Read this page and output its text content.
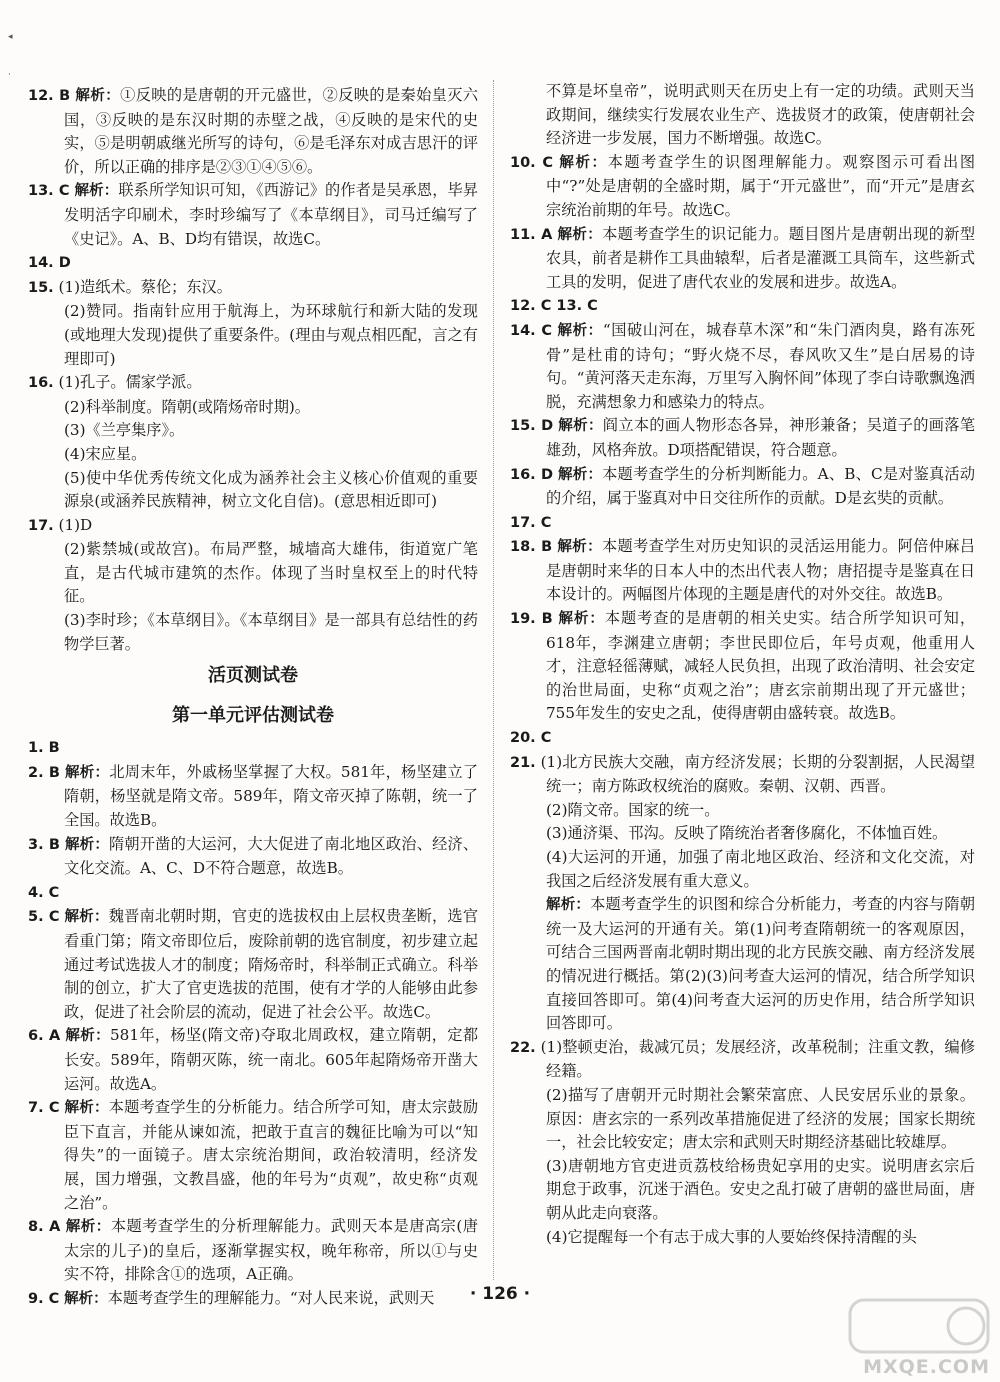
◂
·

12. B 解析：①反映的是唐朝的开元盛世，②反映的是秦始皇灭六国，③反映的是东汉时期的赤壁之战，④反映的是宋代的史实，⑤是明朝戚继光所写的诗句，⑥是毛泽东对成吉思汗的评价，所以正确的排序是②③①④⑤⑥。

13. C 解析：联系所学知识可知，《西游记》的作者是吴承恩，毕昇发明活字印刷术，李时珍编写了《本草纲目》，司马迁编写了《史记》。A、B、D均有错误，故选C。

14. D

15. (1)造纸术。蔡伦；东汉。

(2)赞同。指南针应用于航海上，为环球航行和新大陆的发现(或地理大发现)提供了重要条件。(理由与观点相匹配，言之有理即可)

16. (1)孔子。儒家学派。

(2)科举制度。隋朝(或隋炀帝时期)。

(3)《兰亭集序》。

(4)宋应星。

(5)使中华优秀传统文化成为涵养社会主义核心价值观的重要源泉(或涵养民族精神，树立文化自信)。(意思相近即可)

17. (1)D

(2)紫禁城(或故宫)。布局严整，城墙高大雄伟，街道宽广笔直，是古代城市建筑的杰作。体现了当时皇权至上的时代特征。

(3)李时珍；《本草纲目》。《本草纲目》是一部具有总结性的药物学巨著。

活页测试卷

第一单元评估测试卷

1. B

2. B 解析：北周末年，外戚杨坚掌握了大权。581年，杨坚建立了隋朝，杨坚就是隋文帝。589年，隋文帝灭掉了陈朝，统一了全国。故选B。

3. B 解析：隋朝开凿的大运河，大大促进了南北地区政治、经济、文化交流。A、C、D不符合题意，故选B。

4. C

5. C 解析：魏晋南北朝时期，官吏的选拔权由上层权贵垄断，选官看重门第；隋文帝即位后，废除前朝的选官制度，初步建立起通过考试选拔人才的制度；隋炀帝时，科举制正式确立。科举制的创立，扩大了官吏选拔的范围，使有才学的人能够由此参政，促进了社会阶层的流动，促进了社会公平。故选C。

6. A 解析：581年，杨坚(隋文帝)夺取北周政权，建立隋朝，定都长安。589年，隋朝灭陈，统一南北。605年起隋炀帝开凿大运河。故选A。

7. C 解析：本题考查学生的分析能力。结合所学可知，唐太宗鼓励臣下直言，并能从谏如流，把敢于直言的魏征比喻为可以“知得失”的一面镜子。唐太宗统治期间，政治较清明，经济发展，国力增强，文教昌盛，他的年号为“贞观”，故史称“贞观之治”。

8. A 解析：本题考查学生的分析理解能力。武则天本是唐高宗(唐太宗的儿子)的皇后，逐渐掌握实权，晚年称帝，所以①与史实不符，排除含①的选项，A正确。

9. C 解析：本题考查学生的理解能力。“对人民来说，武则天

不算是坏皇帝”，说明武则天在历史上有一定的功绩。武则天当政期间，继续实行发展农业生产、选拔贤才的政策，使唐朝社会经济进一步发展，国力不断增强。故选C。

10. C 解析：本题考查学生的识图理解能力。观察图示可看出图中“?”处是唐朝的全盛时期，属于“开元盛世”，而“开元”是唐玄宗统治前期的年号。故选C。

11. A 解析：本题考查学生的识记能力。题目图片是唐朝出现的新型农具，前者是耕作工具曲辕犁，后者是灌溉工具筒车，这些新式工具的发明，促进了唐代农业的发展和进步。故选A。

12. C 13. C

14. C 解析：“国破山河在，城春草木深”和“朱门酒肉臭，路有冻死骨”是杜甫的诗句；“野火烧不尽，春风吹又生”是白居易的诗句。“黄河落天走东海，万里写入胸怀间”体现了李白诗歌飘逸洒脱，充满想象力和感染力的特点。

15. D 解析：阎立本的画人物形态各异，神形兼备；吴道子的画落笔雄劲，风格奔放。D项搭配错误，符合题意。

16. D 解析：本题考查学生的分析判断能力。A、B、C是对鉴真活动的介绍，属于鉴真对中日交往所作的贡献。D是玄奘的贡献。

17. C

18. B 解析：本题考查学生对历史知识的灵活运用能力。阿倍仲麻吕是唐朝时来华的日本人中的杰出代表人物；唐招提寺是鉴真在日本设计的。两幅图片体现的主题是唐代的对外交往。故选B。

19. B 解析：本题考查的是唐朝的相关史实。结合所学知识可知，618年，李渊建立唐朝；李世民即位后，年号贞观，他重用人才，注意轻徭薄赋，减轻人民负担，出现了政治清明、社会安定的治世局面，史称“贞观之治”；唐玄宗前期出现了开元盛世；755年发生的安史之乱，使得唐朝由盛转衰。故选B。

20. C

21. (1)北方民族大交融，南方经济发展；长期的分裂割据，人民渴望统一；南方陈政权统治的腐败。秦朝、汉朝、西晋。

(2)隋文帝。国家的统一。

(3)通济渠、邗沟。反映了隋统治者奢侈腐化，不体恤百姓。

(4)大运河的开通，加强了南北地区政治、经济和文化交流，对我国之后经济发展有重大意义。

解析：本题考查学生的识图和综合分析能力，考查的内容与隋朝统一及大运河的开通有关。第(1)问考查隋朝统一的客观原因，可结合三国两晋南北朝时期出现的北方民族交融、南方经济发展的情况进行概括。第(2)(3)问考查大运河的情况，结合所学知识直接回答即可。第(4)问考查大运河的历史作用，结合所学知识回答即可。

22. (1)整顿吏治，裁减冗员；发展经济，改革税制；注重文教，编修经籍。

(2)描写了唐朝开元时期社会繁荣富庶、人民安居乐业的景象。原因：唐玄宗的一系列改革措施促进了经济的发展；国家长期统一，社会比较安定；唐太宗和武则天时期经济基础比较雄厚。

(3)唐朝地方官吏进贡荔枝给杨贵妃享用的史实。说明唐玄宗后期怠于政事，沉迷于酒色。安史之乱打破了唐朝的盛世局面，唐朝从此走向衰落。

(4)它提醒每一个有志于成大事的人要始终保持清醒的头

· 126 ·
MXQE.COM
